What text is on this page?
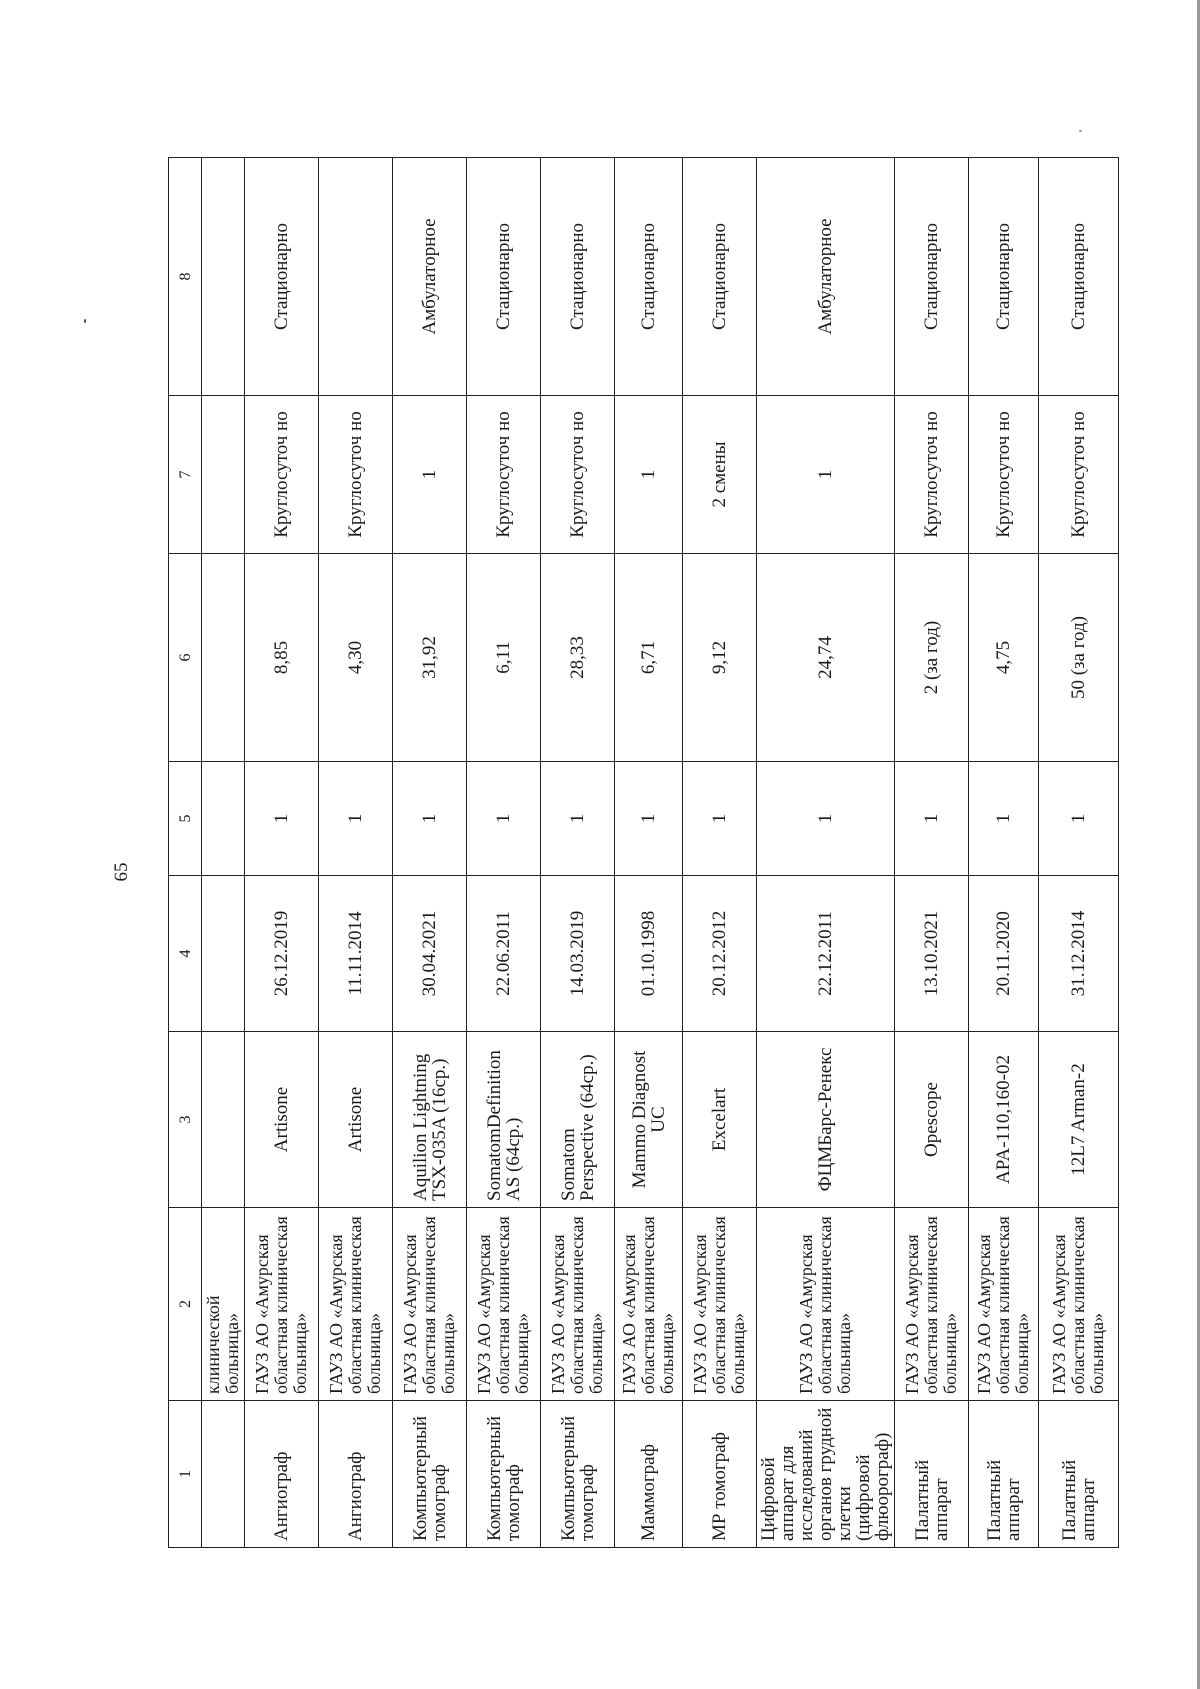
65
1	2	3	4	5	6	7	8
	клинической больница»						
Ангиограф	ГАУЗ АО «Амурская областная клиническая больница»	Artisone	26.12.2019	1	8,85	Круглосуточ но	Стационарно
Ангиограф	ГАУЗ АО «Амурская областная клиническая больница»	Artisone	11.11.2014	1	4,30	Круглосуточ но	
Компьютерный томограф	ГАУЗ АО «Амурская областная клиническая больница»	Aquilion Lightning TSX-035A (16ср.)	30.04.2021	1	31,92	1	Амбулаторное
Компьютерный томограф	ГАУЗ АО «Амурская областная клиническая больница»	SomatomDefinition AS (64ср.)	22.06.2011	1	6,11	Круглосуточ но	Стационарно
Компьютерный томограф	ГАУЗ АО «Амурская областная клиническая больница»	Somatom Perspective (64ср.)	14.03.2019	1	28,33	Круглосуточ но	Стационарно
Маммограф	ГАУЗ АО «Амурская областная клиническая больница»	Mammo Diagnost UC	01.10.1998	1	6,71	1	Стационарно
МР томограф	ГАУЗ АО «Амурская областная клиническая больница»	Excelart	20.12.2012	1	9,12	2 смены	Стационарно
Цифровой аппарат для исследований органов грудной клетки (цифровой флюорограф)	ГАУЗ АО «Амурская областная клиническая больница»	ФЦМБарс-Ренекс	22.12.2011	1	24,74	1	Амбулаторное
Палатный аппарат	ГАУЗ АО «Амурская областная клиническая больница»	Opescope	13.10.2021	1	2 (за год)	Круглосуточ но	Стационарно
Палатный аппарат	ГАУЗ АО «Амурская областная клиническая больница»	APA-110,160-02	20.11.2020	1	4,75	Круглосуточ но	Стационарно
Палатный аппарат	ГАУЗ АО «Амурская областная клиническая больница»	12L7 Arman-2	31.12.2014	1	50 (за год)	Круглосуточ но	Стационарно
